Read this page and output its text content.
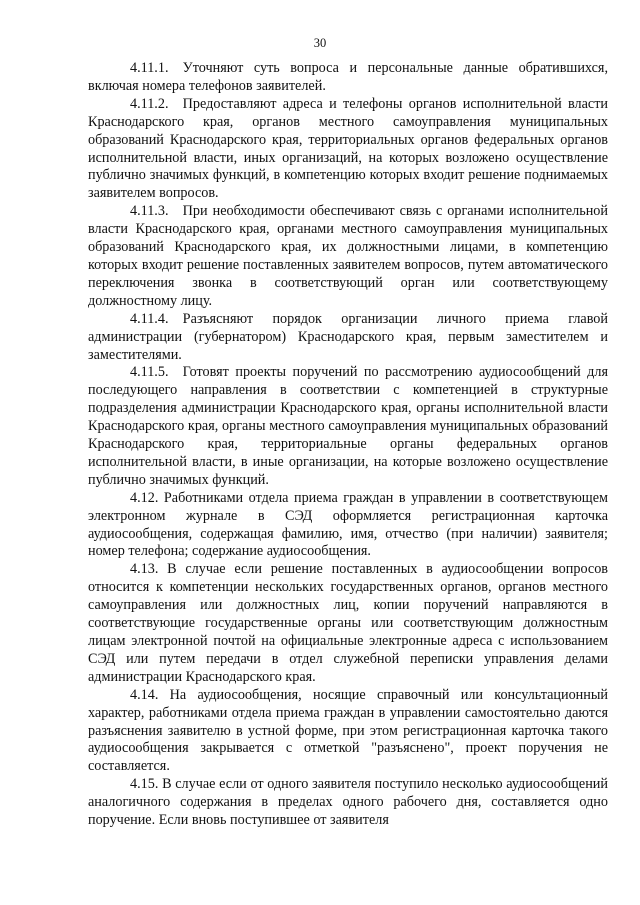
30

4.11.1. Уточняют суть вопроса и персональные данные обратившихся, включая номера телефонов заявителей.

4.11.2. Предоставляют адреса и телефоны органов исполнительной власти Краснодарского края, органов местного самоуправления муниципальных образований Краснодарского края, территориальных органов федеральных органов исполнительной власти, иных организаций, на которых возложено осуществление публично значимых функций, в компетенцию которых входит решение поднимаемых заявителем вопросов.

4.11.3. При необходимости обеспечивают связь с органами исполнительной власти Краснодарского края, органами местного самоуправления муниципальных образований Краснодарского края, их должностными лицами, в компетенцию которых входит решение поставленных заявителем вопросов, путем автоматического переключения звонка в соответствующий орган или соответствующему должностному лицу.

4.11.4. Разъясняют порядок организации личного приема главой администрации (губернатором) Краснодарского края, первым заместителем и заместителями.

4.11.5. Готовят проекты поручений по рассмотрению аудиосообщений для последующего направления в соответствии с компетенцией в структурные подразделения администрации Краснодарского края, органы исполнительной власти Краснодарского края, органы местного самоуправления муниципальных образований Краснодарского края, территориальные органы федеральных органов исполнительной власти, в иные организации, на которые возложено осуществление публично значимых функций.

4.12. Работниками отдела приема граждан в управлении в соответствующем электронном журнале в СЭД оформляется регистрационная карточка аудиосообщения, содержащая фамилию, имя, отчество (при наличии) заявителя; номер телефона; содержание аудиосообщения.

4.13. В случае если решение поставленных в аудиосообщении вопросов относится к компетенции нескольких государственных органов, органов местного самоуправления или должностных лиц, копии поручений направляются в соответствующие государственные органы или соответствующим должностным лицам электронной почтой на официальные электронные адреса с использованием СЭД или путем передачи в отдел служебной переписки управления делами администрации Краснодарского края.

4.14. На аудиосообщения, носящие справочный или консультационный характер, работниками отдела приема граждан в управлении самостоятельно даются разъяснения заявителю в устной форме, при этом регистрационная карточка такого аудиосообщения закрывается с отметкой "разъяснено", проект поручения не составляется.

4.15. В случае если от одного заявителя поступило несколько аудиосообщений аналогичного содержания в пределах одного рабочего дня, составляется одно поручение. Если вновь поступившее от заявителя
